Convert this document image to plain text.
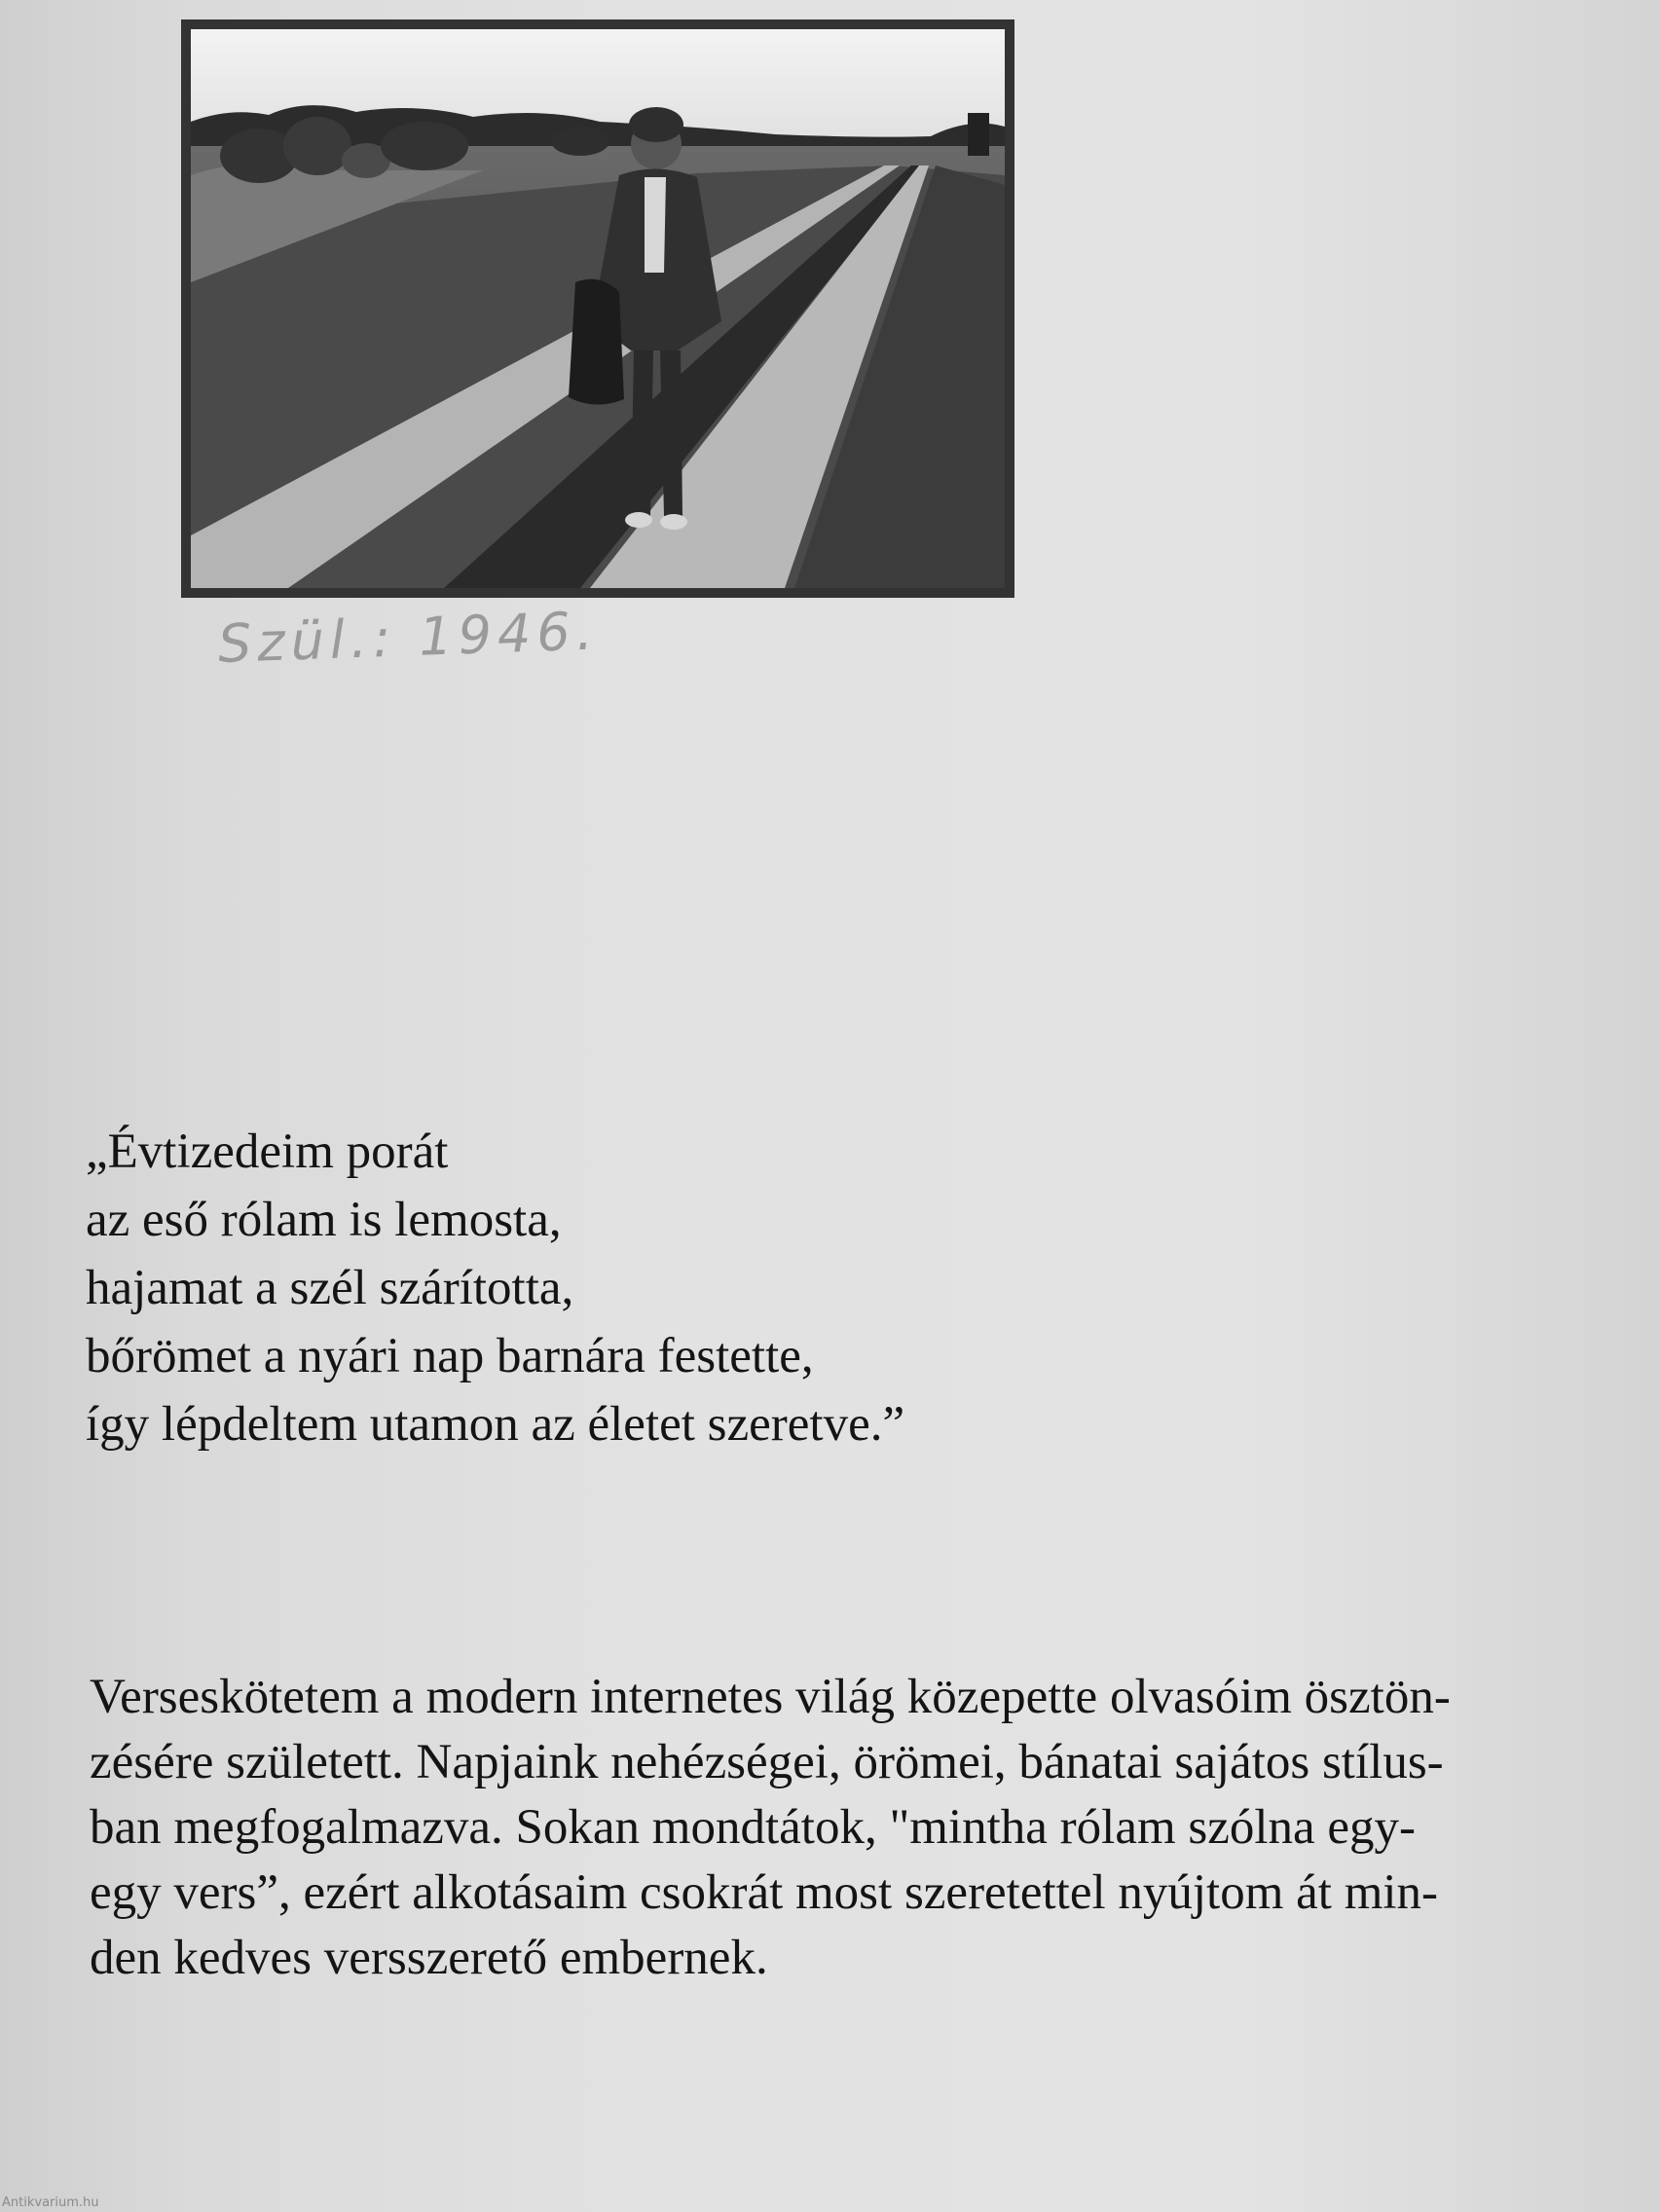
Szül.: 1946.
„Évtizedeim porát
az eső rólam is lemosta,
hajamat a szél szárította,
bőrömet a nyári nap barnára festette,
így lépdeltem utamon az életet szeretve.”
Verseskötetem a modern internetes világ közepette olvasóim ösztön-
zésére született. Napjaink nehézségei, örömei, bánatai sajátos stílus-
ban megfogalmazva. Sokan mondtátok, "mintha rólam szólna egy-
egy vers”, ezért alkotásaim csokrát most szeretettel nyújtom át min-
den kedves versszerető embernek.
Antikvarium.hu
